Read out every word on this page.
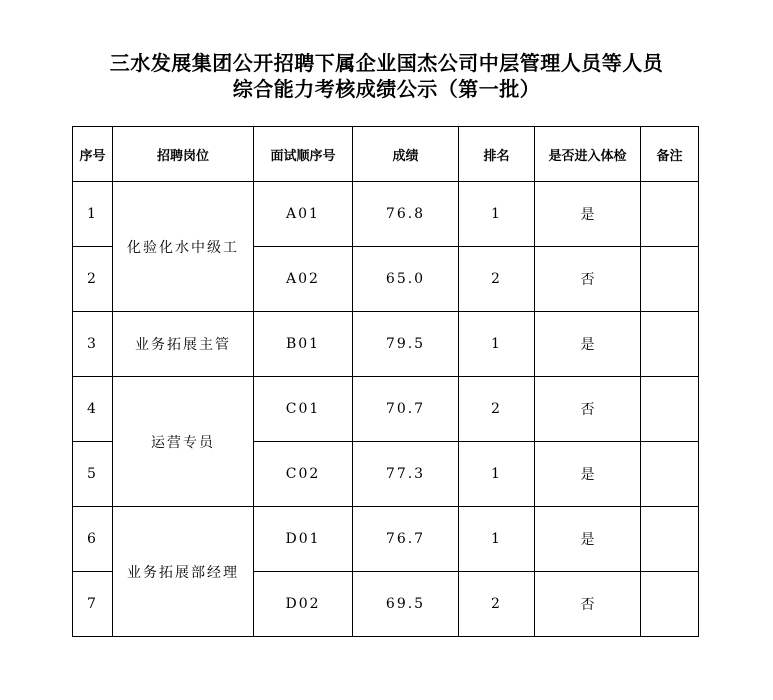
三水发展集团公开招聘下属企业国杰公司中层管理人员等人员
综合能力考核成绩公示（第一批）
序号	招聘岗位	面试顺序号	成绩	排名	是否进入体检	备注
1	化验化水中级工	A01	76.8	1	是	
2		A02	65.0	2	否	
3	业务拓展主管	B01	79.5	1	是	
4	运营专员	C01	70.7	2	否	
5		C02	77.3	1	是	
6	业务拓展部经理	D01	76.7	1	是	
7		D02	69.5	2	否	
